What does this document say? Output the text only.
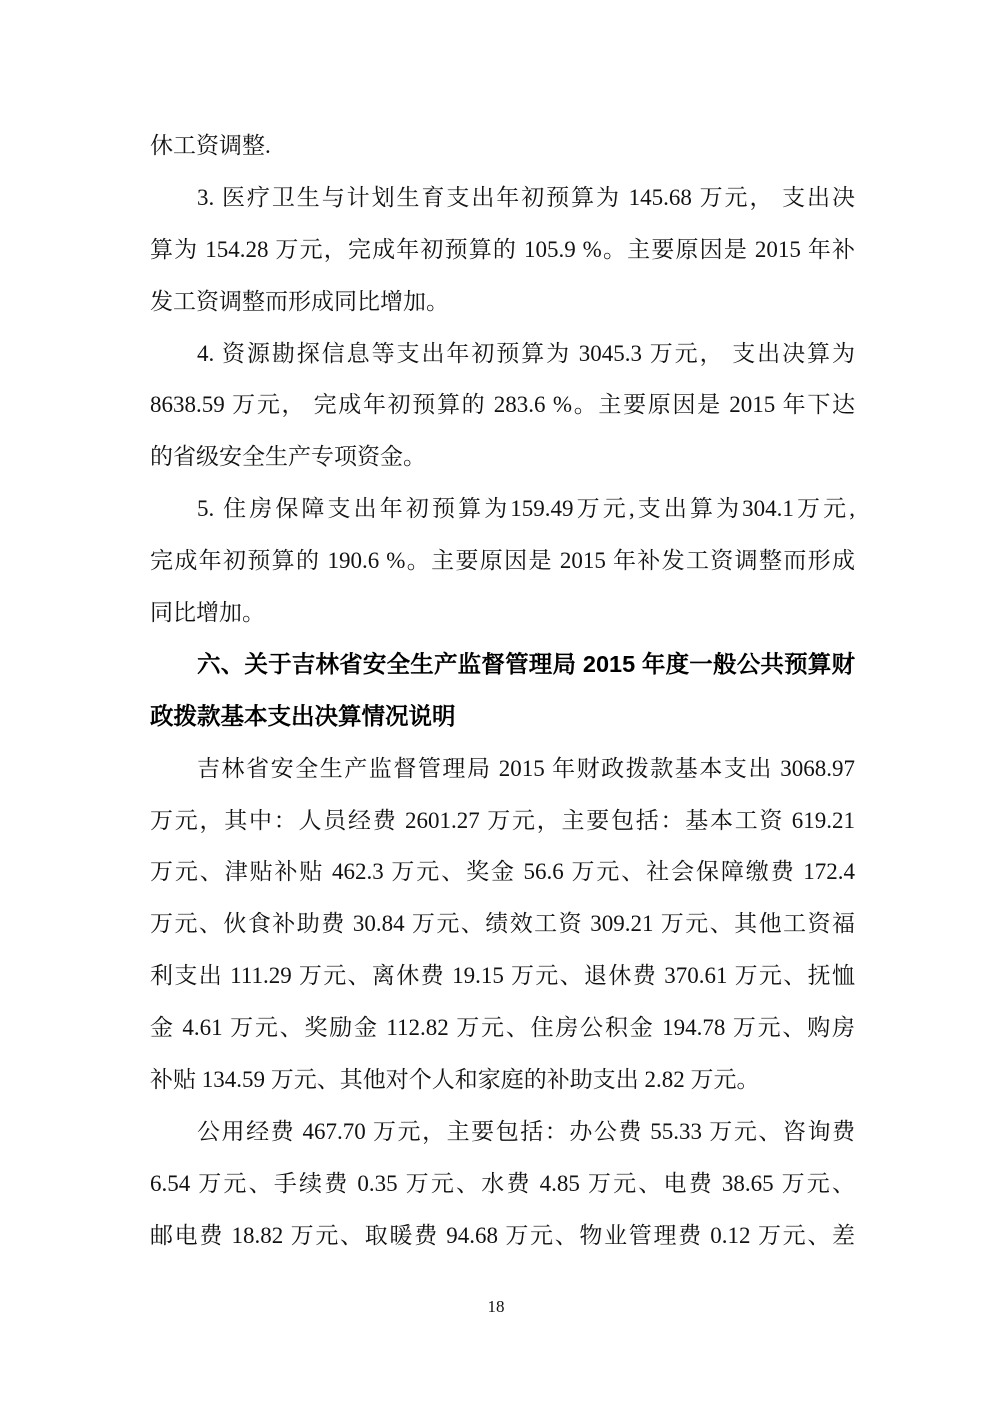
休工资调整.
3. 医疗卫生与计划生育支出年初预算为 145.68 万元， 支出决
算为 154.28 万元，完成年初预算的 105.9 %。主要原因是 2015 年补
发工资调整而形成同比增加。
4. 资源勘探信息等支出年初预算为 3045.3 万元， 支出决算为
8638.59 万元， 完成年初预算的 283.6 %。主要原因是 2015 年下达
的省级安全生产专项资金。
5. 住房保障支出年初预算为159.49万元,支出算为304.1万元,
完成年初预算的 190.6 %。主要原因是 2015 年补发工资调整而形成
同比增加。
六、关于吉林省安全生产监督管理局 2015 年度一般公共预算财
政拨款基本支出决算情况说明
吉林省安全生产监督管理局 2015 年财政拨款基本支出 3068.97
万元，其中：人员经费 2601.27 万元，主要包括：基本工资 619.21
万元、津贴补贴 462.3 万元、奖金 56.6 万元、社会保障缴费 172.4
万元、伙食补助费 30.84 万元、绩效工资 309.21 万元、其他工资福
利支出 111.29 万元、离休费 19.15 万元、退休费 370.61 万元、抚恤
金 4.61 万元、奖励金 112.82 万元、住房公积金 194.78 万元、购房
补贴 134.59 万元、其他对个人和家庭的补助支出 2.82 万元。
公用经费 467.70 万元，主要包括：办公费 55.33 万元、咨询费
6.54 万元、手续费 0.35 万元、水费 4.85 万元、电费 38.65 万元、
邮电费 18.82 万元、取暖费 94.68 万元、物业管理费 0.12 万元、差
18
